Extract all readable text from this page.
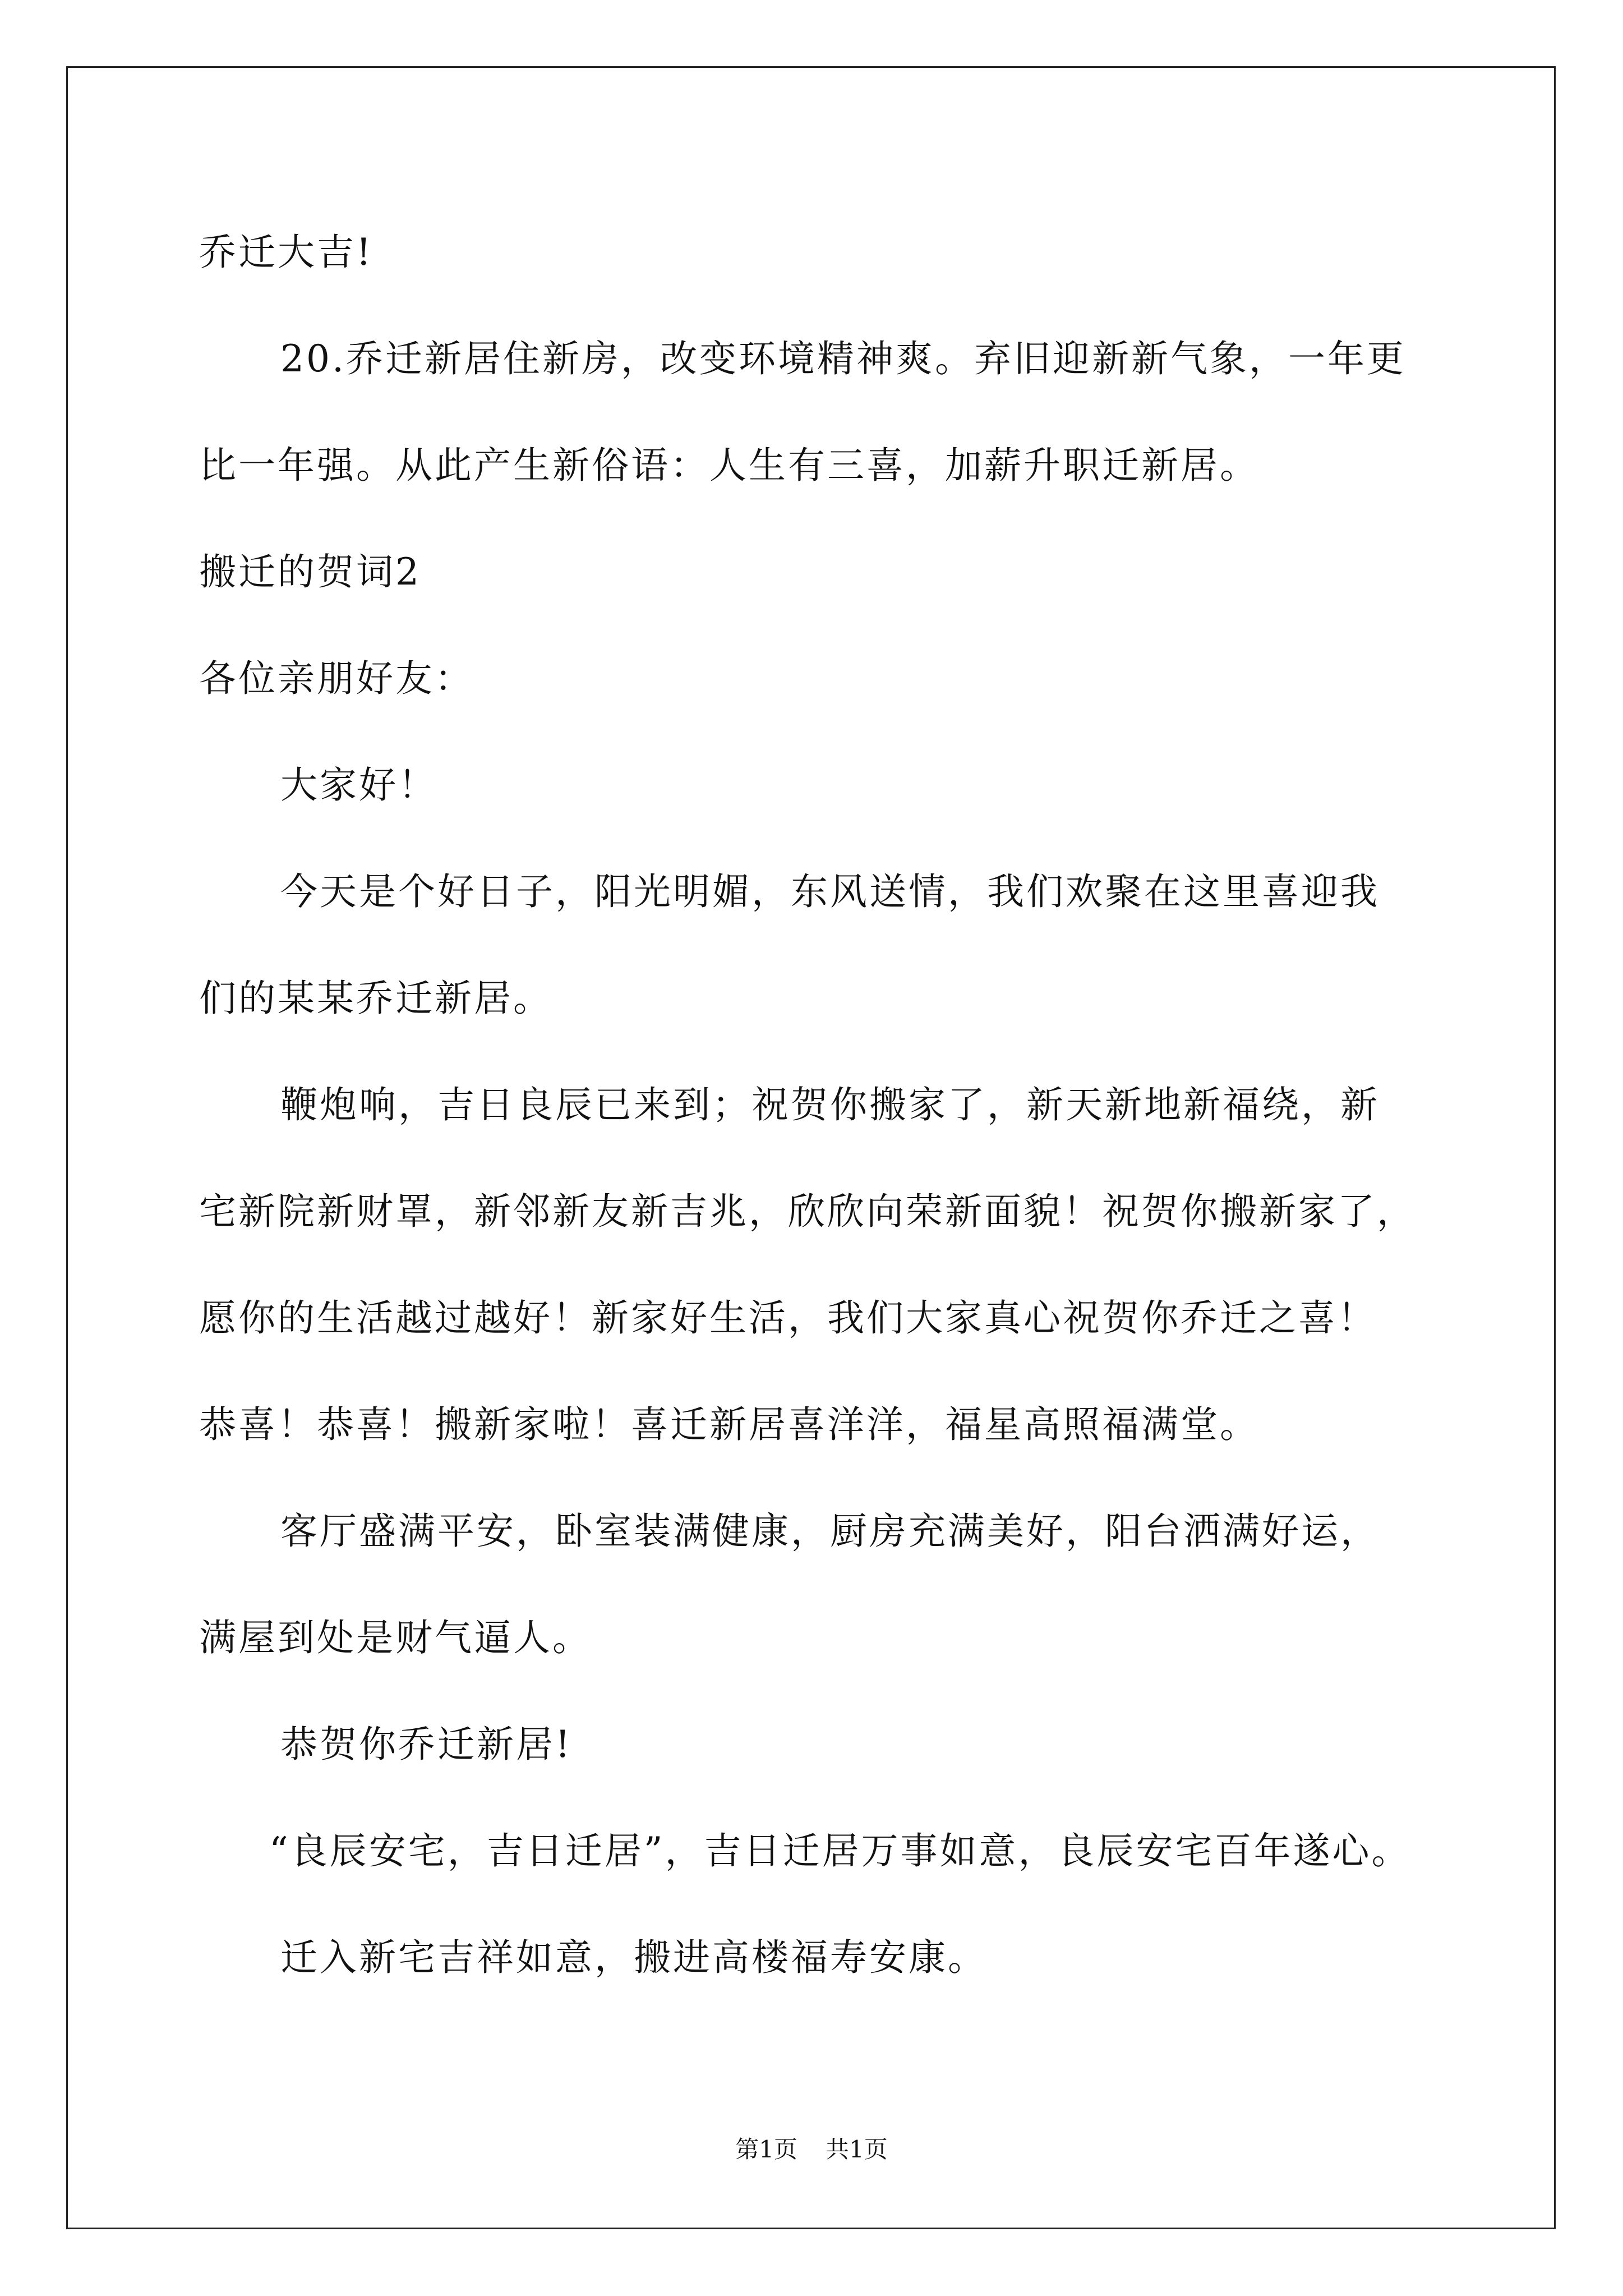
乔迁大吉!
20.乔迁新居住新房，改变环境精神爽。弃旧迎新新气象，一年更
比一年强。从此产生新俗语：人生有三喜，加薪升职迁新居。
搬迁的贺词2
各位亲朋好友：
大家好！
今天是个好日子，阳光明媚，东风送情，我们欢聚在这里喜迎我
们的某某乔迁新居。
鞭炮响，吉日良辰已来到；祝贺你搬家了，新天新地新福绕，新
宅新院新财罩，新邻新友新吉兆，欣欣向荣新面貌！祝贺你搬新家了，
愿你的生活越过越好！新家好生活，我们大家真心祝贺你乔迁之喜！
恭喜！恭喜！搬新家啦！喜迁新居喜洋洋，福星高照福满堂。
客厅盛满平安，卧室装满健康，厨房充满美好，阳台洒满好运，
满屋到处是财气逼人。
恭贺你乔迁新居!
“良辰安宅，吉日迁居”，吉日迁居万事如意，良辰安宅百年遂心。
迁入新宅吉祥如意，搬进高楼福寿安康。
第1页 共1页
